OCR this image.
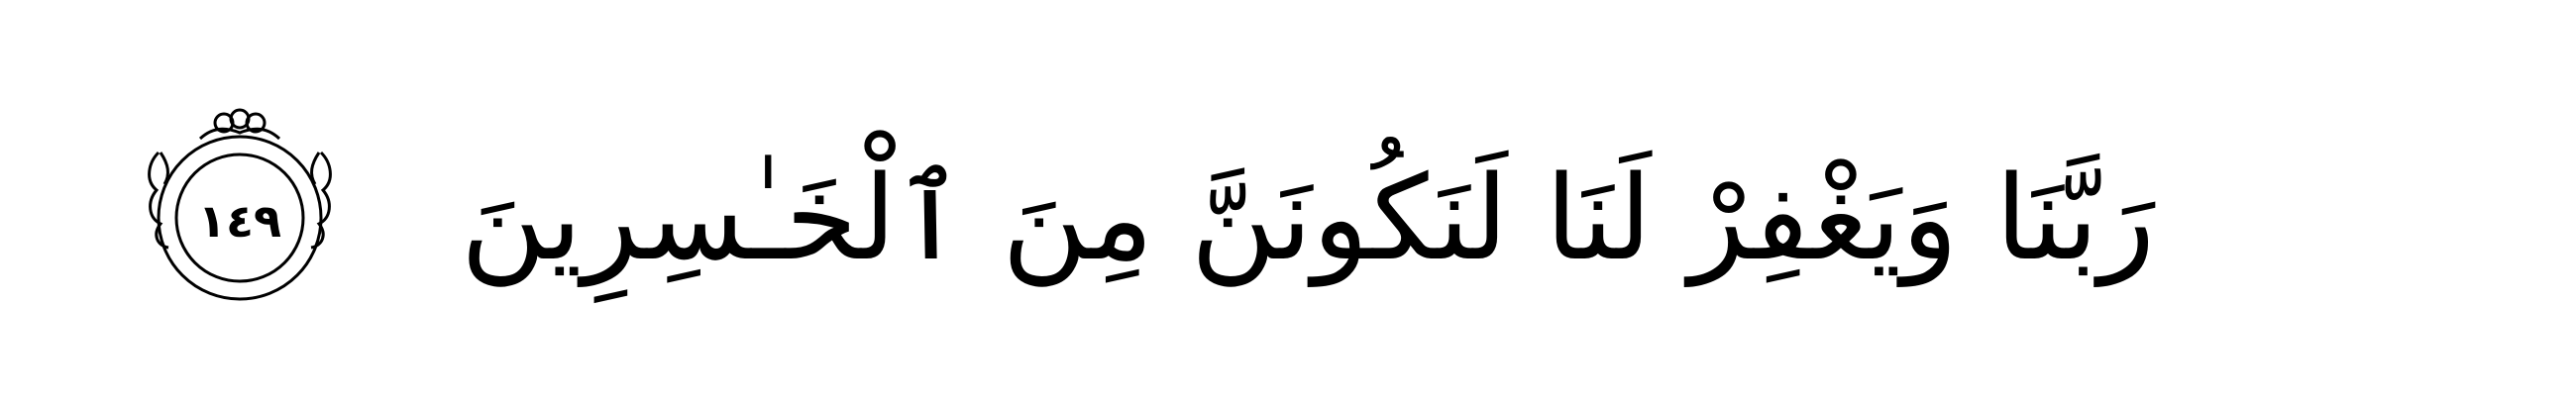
رَبَّنَا وَيَغْفِرْ لَنَا لَنَكُونَنَّ مِنَ ٱلْخَـٰسِرِينَ
١٤٩
